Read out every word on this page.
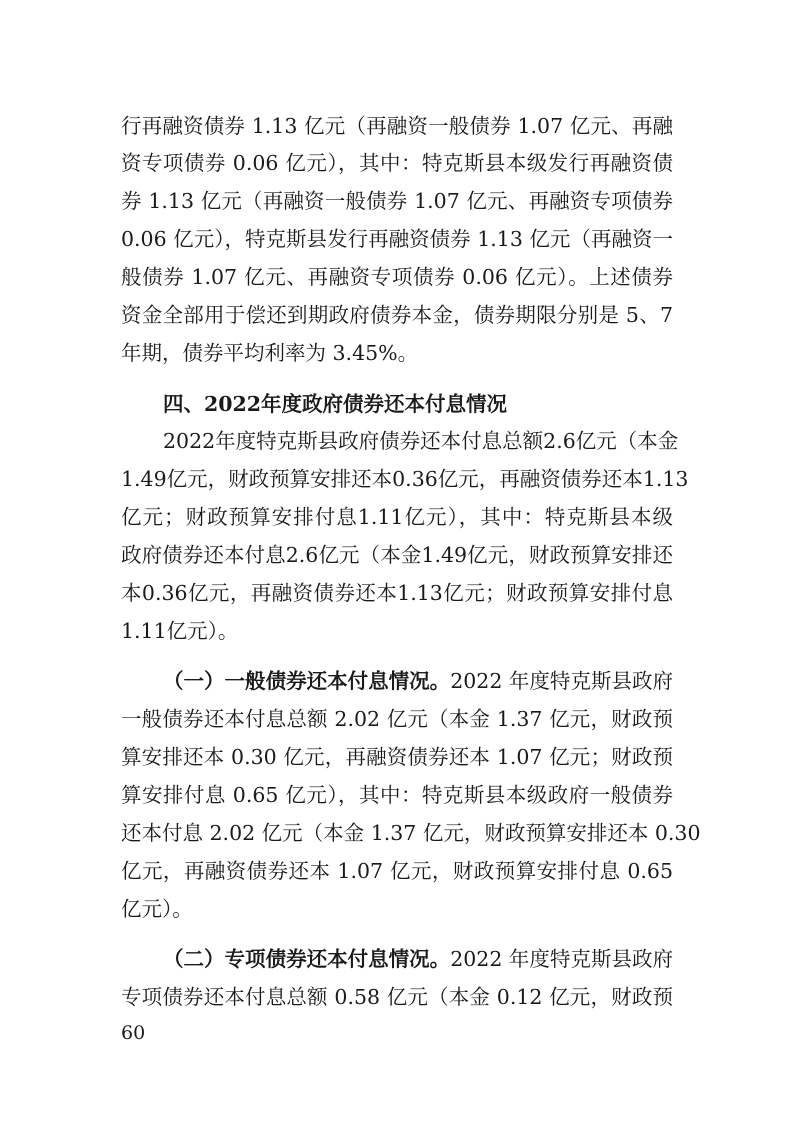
行再融资债券 1.13 亿元（再融资一般债券 1.07 亿元、再融
资专项债券 0.06 亿元），其中：特克斯县本级发行再融资债
券 1.13 亿元（再融资一般债券 1.07 亿元、再融资专项债券
0.06 亿元），特克斯县发行再融资债券 1.13 亿元（再融资一
般债券 1.07 亿元、再融资专项债券 0.06 亿元）。上述债券
资金全部用于偿还到期政府债券本金，债券期限分别是 5、7
年期，债券平均利率为 3.45%。
四、2022年度政府债券还本付息情况
2022年度特克斯县政府债券还本付息总额2.6亿元（本金
1.49亿元，财政预算安排还本0.36亿元，再融资债券还本1.13
亿元；财政预算安排付息1.11亿元），其中：特克斯县本级
政府债券还本付息2.6亿元（本金1.49亿元，财政预算安排还
本0.36亿元，再融资债券还本1.13亿元；财政预算安排付息
1.11亿元）。
（一）一般债券还本付息情况。2022 年度特克斯县政府
一般债券还本付息总额 2.02 亿元（本金 1.37 亿元，财政预
算安排还本 0.30 亿元，再融资债券还本 1.07 亿元；财政预
算安排付息 0.65 亿元），其中：特克斯县本级政府一般债券
还本付息 2.02 亿元（本金 1.37 亿元，财政预算安排还本 0.30
亿元，再融资债券还本 1.07 亿元，财政预算安排付息 0.65
亿元）。
（二）专项债券还本付息情况。2022 年度特克斯县政府
专项债券还本付息总额 0.58 亿元（本金 0.12 亿元，财政预
60
